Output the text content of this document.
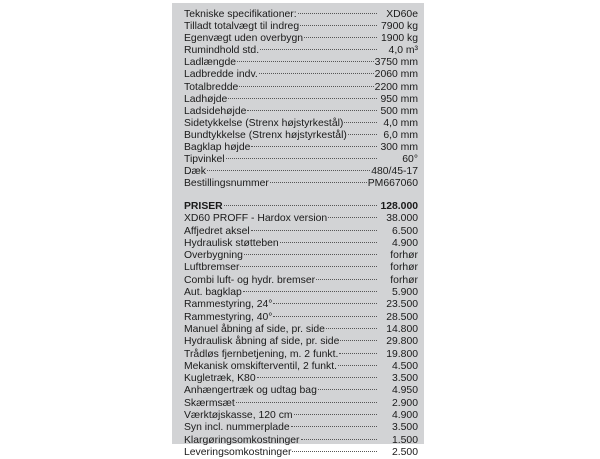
Tekniske specifikationer:	XD60e
Tilladt totalvægt til indreg	7900 kg
Egenvægt uden overbygn	1900 kg
Rumindhold std.	4,0 m³
Ladlængde	3750 mm
Ladbredde indv.	2060 mm
Totalbredde	2200 mm
Ladhøjde	950 mm
Ladsidehøjde	500 mm
Sidetykkelse (Strenx højstyrkestål)	4,0 mm
Bundtykkelse (Strenx højstyrkestål)	6,0 mm
Bagklap højde	300 mm
Tipvinkel	60°
Dæk	480/45-17
Bestillingsnummer	PM667060
PRISER	128.000
XD60 PROFF - Hardox version	38.000
Affjedret aksel	6.500
Hydraulisk støtteben	4.900
Overbygning	forhør
Luftbremser	forhør
Combi luft- og hydr. bremser	forhør
Aut. bagklap	5.900
Rammestyring, 24°	23.500
Rammestyring, 40°	28.500
Manuel åbning af side, pr. side	14.800
Hydraulisk åbning af side, pr. side	29.800
Trådløs fjernbetjening, m. 2 funkt.	19.800
Mekanisk omskifterventil, 2 funkt.	4.500
Kugletræk, K80	3.500
Anhængertræk og udtag bag	4.950
Skærmsæt	2.900
Værktøjskasse, 120 cm	4.900
Syn incl. nummerplade	3.500
Klargøringsomkostninger	1.500
Leveringsomkostninger	2.500
